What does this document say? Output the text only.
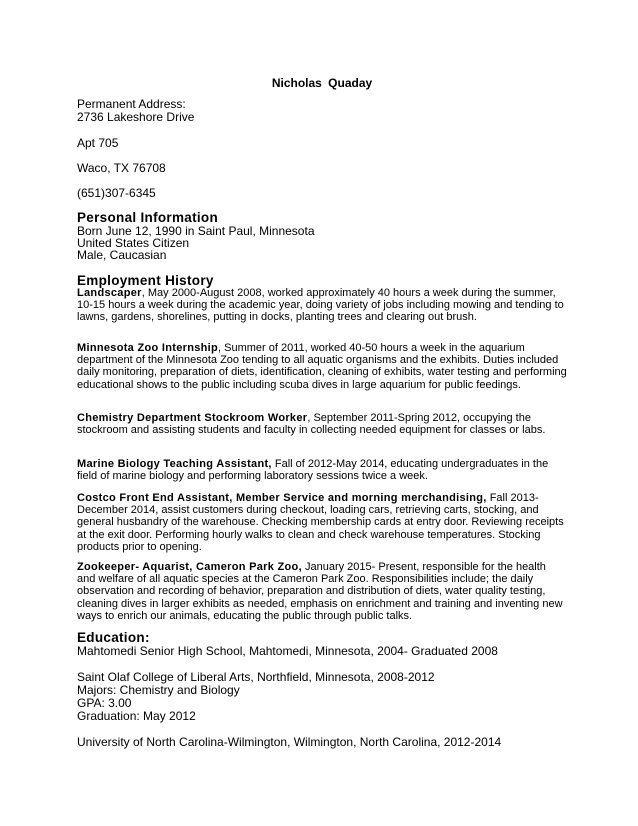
Nicholas Quaday
Permanent Address:
2736 Lakeshore Drive
Apt 705
Waco, TX 76708
(651)307-6345
Personal Information
Born June 12, 1990 in Saint Paul, Minnesota
United States Citizen
Male, Caucasian
Employment History
Landscaper, May 2000-August 2008, worked approximately 40 hours a week during the summer, 10-15 hours a week during the academic year, doing variety of jobs including mowing and tending to lawns, gardens, shorelines, putting in docks, planting trees and clearing out brush.
Minnesota Zoo Internship, Summer of 2011, worked 40-50 hours a week in the aquarium department of the Minnesota Zoo tending to all aquatic organisms and the exhibits. Duties included daily monitoring, preparation of diets, identification, cleaning of exhibits, water testing and performing educational shows to the public including scuba dives in large aquarium for public feedings.
Chemistry Department Stockroom Worker, September 2011-Spring 2012, occupying the stockroom and assisting students and faculty in collecting needed equipment for classes or labs.
Marine Biology Teaching Assistant, Fall of 2012-May 2014, educating undergraduates in the field of marine biology and performing laboratory sessions twice a week.
Costco Front End Assistant, Member Service and morning merchandising, Fall 2013-December 2014, assist customers during checkout, loading cars, retrieving carts, stocking, and general husbandry of the warehouse. Checking membership cards at entry door. Reviewing receipts at the exit door. Performing hourly walks to clean and check warehouse temperatures. Stocking products prior to opening.
Zookeeper- Aquarist, Cameron Park Zoo, January 2015- Present, responsible for the health and welfare of all aquatic species at the Cameron Park Zoo. Responsibilities include; the daily observation and recording of behavior, preparation and distribution of diets, water quality testing, cleaning dives in larger exhibits as needed, emphasis on enrichment and training and inventing new ways to enrich our animals, educating the public through public talks.
Education:
Mahtomedi Senior High School, Mahtomedi, Minnesota, 2004- Graduated 2008
Saint Olaf College of Liberal Arts, Northfield, Minnesota, 2008-2012
Majors: Chemistry and Biology
GPA: 3.00
Graduation: May 2012
University of North Carolina-Wilmington, Wilmington, North Carolina, 2012-2014
